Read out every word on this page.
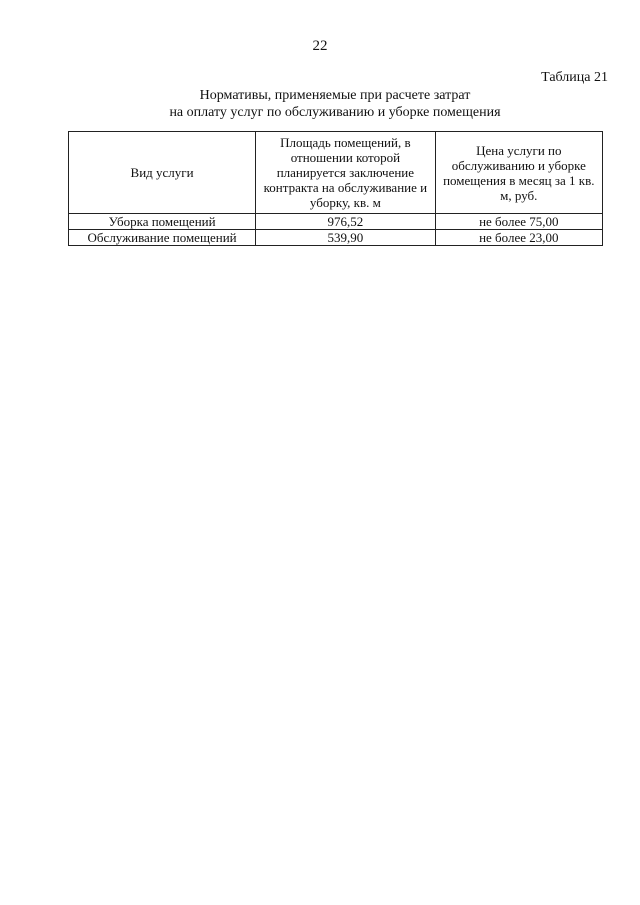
22
Таблица 21
Нормативы, применяемые при расчете затрат
на оплату услуг по обслуживанию и уборке помещения
Вид услуги	Площадь помещений, в отношении которой планируется заключение контракта на обслуживание и уборку, кв. м	Цена услуги по обслуживанию и уборке помещения в месяц за 1 кв. м, руб.
Уборка помещений	976,52	не более 75,00
Обслуживание помещений	539,90	не более 23,00
